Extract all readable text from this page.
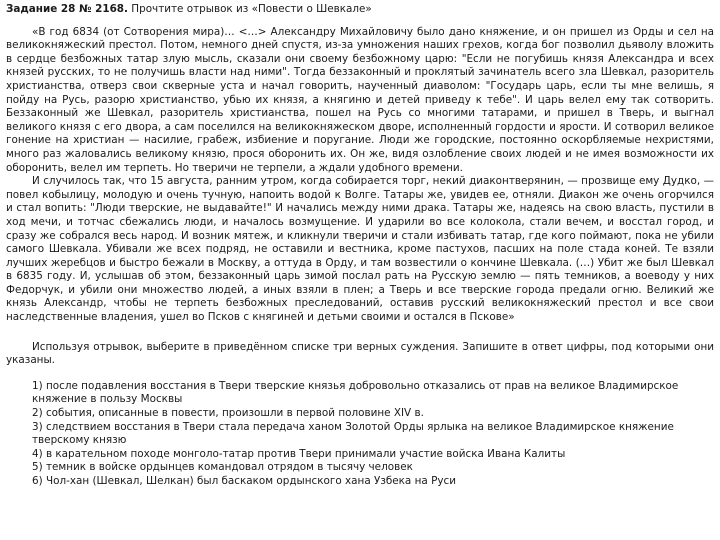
Задание 28 № 2168. Прочтите отрывок из «Повести о Шевкале»

«В год 6834 (от Сотворения мира)… <…> Александру Михайловичу было дано княжение, и он пришел из Орды и сел на великокняжеский престол. Потом, немного дней спустя, из-за умножения наших грехов, когда бог позволил дьяволу вложить в сердце безбожных татар злую мысль, сказали они своему безбожному царю: "Если не погубишь князя Александра и всех князей русских, то не получишь власти над ними". Тогда беззаконный и проклятый зачинатель всего зла Шевкал, разоритель христианства, отверз свои скверные уста и начал говорить, наученный диаволом: "Государь царь, если ты мне велишь, я пойду на Русь, разорю христианство, убью их князя, а княгиню и детей приведу к тебе". И царь велел ему так сотворить. Беззаконный же Шевкал, разоритель христианства, пошел на Русь со многими татарами, и пришел в Тверь, и выгнал великого князя с его двора, а сам поселился на великокняжеском дворе, исполненный гордости и ярости. И сотворил великое гонение на христиан — насилие, грабеж, избиение и поругание. Люди же городские, постоянно оскорбляемые нехристями, много раз жаловались великому князю, прося оборонить их. Он же, видя озлобление своих людей и не имея возможности их оборонить, велел им терпеть. Но тверичи не терпели, а ждали удобного времени.

И случилось так, что 15 августа, ранним утром, когда собирается торг, некий диаконтверянин, — прозвище ему Дудко, — повел кобылицу, молодую и очень тучную, напоить водой к Волге. Татары же, увидев ее, отняли. Диакон же очень огорчился и стал вопить: "Люди тверские, не выдавайте!" И начались между ними драка. Татары же, надеясь на свою власть, пустили в ход мечи, и тотчас сбежались люди, и началось возмущение. И ударили во все колокола, стали вечем, и восстал город, и сразу же собрался весь народ. И возник мятеж, и кликнули тверичи и стали избивать татар, где кого поймают, пока не убили самого Шевкала. Убивали же всех подряд, не оставили и вестника, кроме пастухов, пасших на поле стада коней. Те взяли лучших жеребцов и быстро бежали в Москву, а оттуда в Орду, и там возвестили о кончине Шевкала. (…) Убит же был Шевкал в 6835 году. И, услышав об этом, беззаконный царь зимой послал рать на Русскую землю — пять темников, а воеводу у них Федорчук, и убили они множество людей, а иных взяли в плен; а Тверь и все тверские города предали огню. Великий же князь Александр, чтобы не терпеть безбожных преследований, оставив русский великокняжеский престол и все свои наследственные владения, ушел во Псков с княгиней и детьми своими и остался в Пскове»

Используя отрывок, выберите в приведённом списке три верных суждения. Запишите в ответ цифры, под которыми они указаны.
1) после подавления восстания в Твери тверские князья добровольно отказались от прав на великое Владимирское княжение в пользу Москвы
2) события, описанные в повести, произошли в первой половине XIV в.
3) следствием восстания в Твери стала передача ханом Золотой Орды ярлыка на великое Владимирское княжение тверскому князю
4) в карательном походе монголо-татар против Твери принимали участие войска Ивана Калиты
5) темник в войске ордынцев командовал отрядом в тысячу человек
6) Чол-хан (Шевкал, Шелкан) был баскаком ордынского хана Узбека на Руси
